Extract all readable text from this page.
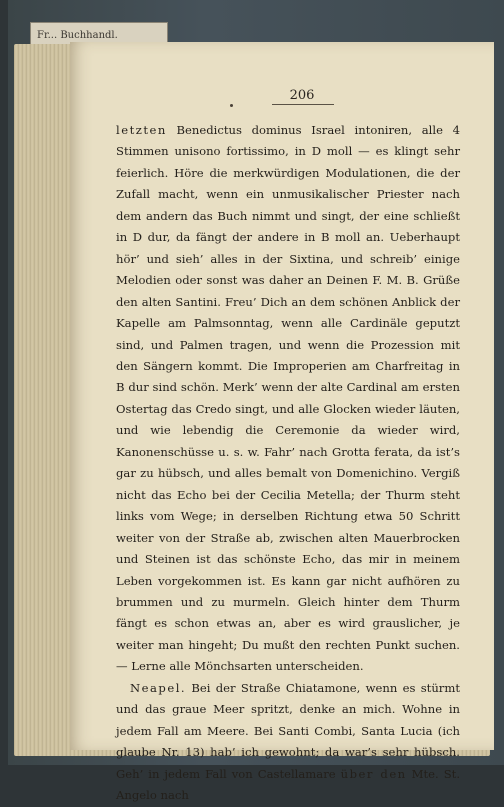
Fr... Buchhandl.
206

letzten Benedictus dominus Israel intoniren, alle 4 Stimmen unisono fortissimo, in D moll — es klingt sehr feierlich. Höre die merkwürdigen Modulationen, die der Zufall macht, wenn ein unmusikalischer Priester nach dem andern das Buch nimmt und singt, der eine schließt in D dur, da fängt der andere in B moll an. Ueberhaupt hör’ und sieh’ alles in der Sixtina, und schreib’ einige Melodien oder sonst was daher an Deinen F. M. B. Grüße den alten Santini. Freu’ Dich an dem schönen Anblick der Kapelle am Palmsonntag, wenn alle Cardinäle geputzt sind, und Palmen tragen, und wenn die Prozession mit den Sängern kommt. Die Improperien am Charfreitag in B dur sind schön. Merk’ wenn der alte Cardinal am ersten Ostertag das Credo singt, und alle Glocken wieder läuten, und wie lebendig die Ceremonie da wieder wird, Kanonenschüsse u. s. w. Fahr’ nach Grotta ferata, da ist’s gar zu hübsch, und alles bemalt von Domenichino. Vergiß nicht das Echo bei der Cecilia Metella; der Thurm steht links vom Wege; in derselben Richtung etwa 50 Schritt weiter von der Straße ab, zwischen alten Mauerbrocken und Steinen ist das schönste Echo, das mir in meinem Leben vorgekommen ist. Es kann gar nicht aufhören zu brummen und zu murmeln. Gleich hinter dem Thurm fängt es schon etwas an, aber es wird grauslicher, je weiter man hingeht; Du mußt den rechten Punkt suchen. — Lerne alle Mönchsarten unterscheiden.

Neapel. Bei der Straße Chiatamone, wenn es stürmt und das graue Meer spritzt, denke an mich. Wohne in jedem Fall am Meere. Bei Santi Combi, Santa Lucia (ich glaube Nr. 13) hab’ ich gewohnt; da war’s sehr hübsch. Geh’ in jedem Fall von Castellamare über den Mte. St. Angelo nach
